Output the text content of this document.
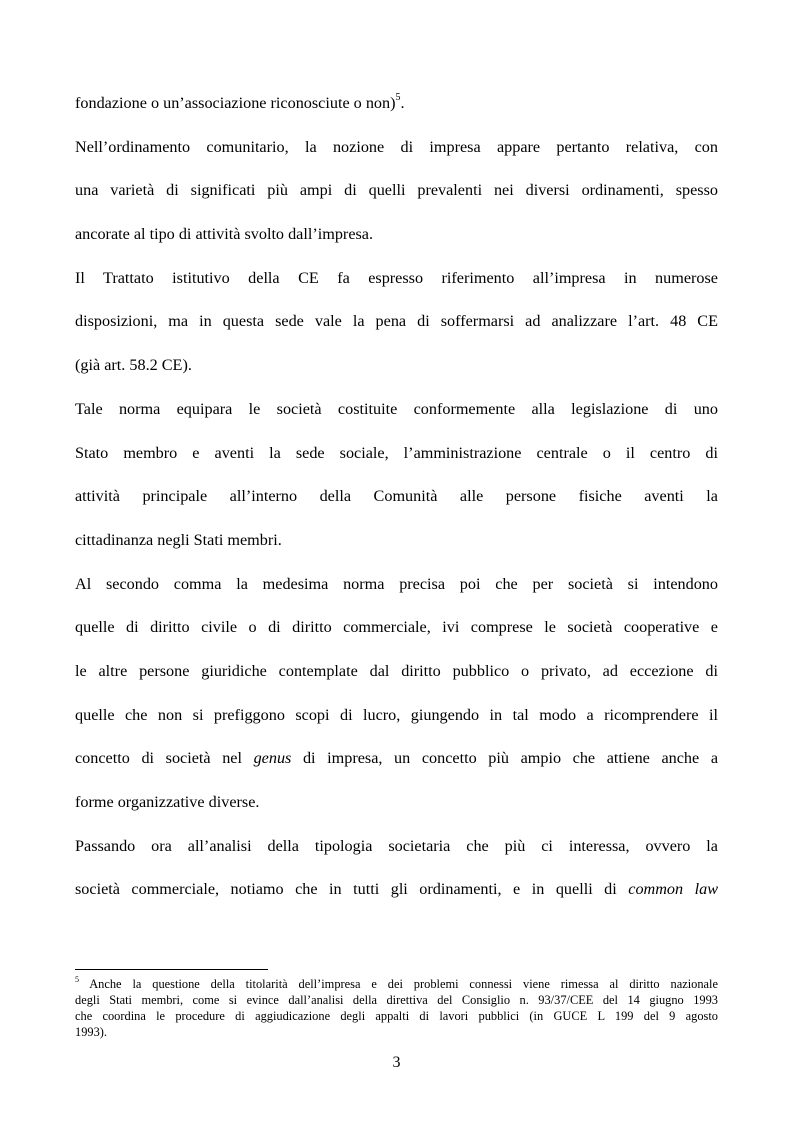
fondazione o un’associazione riconosciute o non)$^5$.
Nell’ordinamento comunitario, la nozione di impresa appare pertanto relativa, con
una varietà di significati più ampi di quelli prevalenti nei diversi ordinamenti, spesso
ancorate al tipo di attività svolto dall’impresa.
Il Trattato istitutivo della CE fa espresso riferimento all’impresa in numerose
disposizioni, ma in questa sede vale la pena di soffermarsi ad analizzare l’art. 48 CE
(già art. 58.2 CE).
Tale norma equipara le società costituite conformemente alla legislazione di uno
Stato membro e aventi la sede sociale, l’amministrazione centrale o il centro di
attività principale all’interno della Comunità alle persone fisiche aventi la
cittadinanza negli Stati membri.
Al secondo comma la medesima norma precisa poi che per società si intendono
quelle di diritto civile o di diritto commerciale, ivi comprese le società cooperative e
le altre persone giuridiche contemplate dal diritto pubblico o privato, ad eccezione di
quelle che non si prefiggono scopi di lucro, giungendo in tal modo a ricomprendere il
concetto di società nel genus di impresa, un concetto più ampio che attiene anche a
forme organizzative diverse.
Passando ora all’analisi della tipologia societaria che più ci interessa, ovvero la
società commerciale, notiamo che in tutti gli ordinamenti, e in quelli di common law
$^5$ Anche la questione della titolarità dell’impresa e dei problemi connessi viene rimessa al diritto nazionale
degli Stati membri, come si evince dall’analisi della direttiva del Consiglio n. 93/37/CEE del 14 giugno 1993
che coordina le procedure di aggiudicazione degli appalti di lavori pubblici (in GUCE L 199 del 9 agosto
1993).
3
